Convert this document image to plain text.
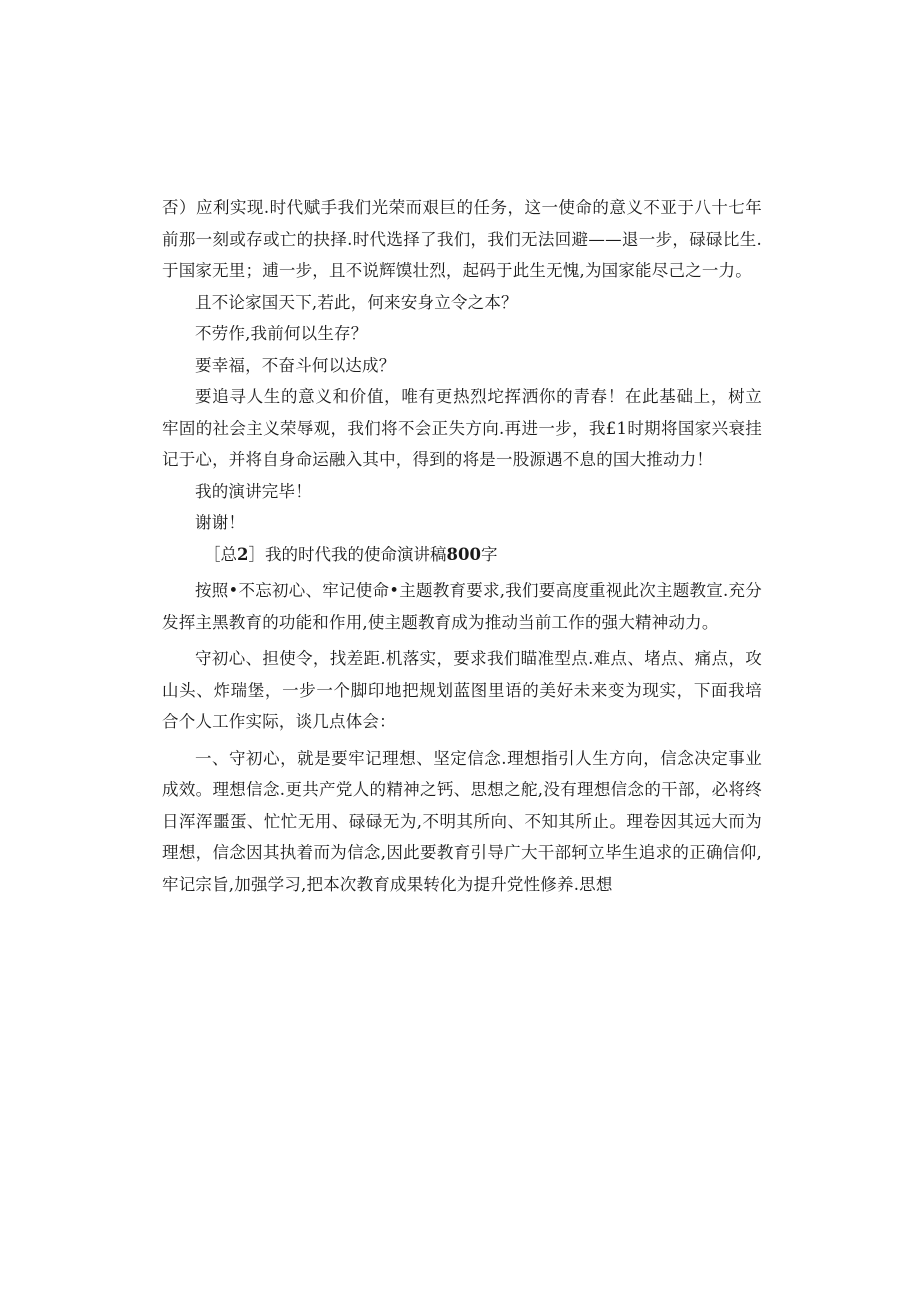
否）应利实现.时代赋手我们光荣而艰巨的任务，这一使命的意义不亚于八十七年前那一刻或存或亡的抉择.时代选择了我们，我们无法回避——退一步，碌碌比生.于国家无里；逋一步，且不说辉馍壮烈，起码于此生无愧,为国家能尽己之一力。

且不论家国天下,若此，何来安身立令之本？

不劳作,我前何以生存？

要幸福，不奋斗何以达成？

要追寻人生的意义和价值，唯有更热烈坨挥洒你的青春！在此基础上，树立牢固的社会主义荣辱观，我们将不会正失方向.再进一步，我£1时期将国家兴衰挂记于心，并将自身命运融入其中，得到的将是一股源遇不息的国大推动力！

我的演讲完毕！

谢谢！

［总2］我的时代我的使命演讲稿800字

按照•不忘初心、牢记使命•主题教育要求,我们要高度重视此次主题教宣.充分发挥主黑教育的功能和作用,使主题教育成为推动当前工作的强大精神动力。

守初心、担使令，找差距.机落实，要求我们瞄准型点.难点、堵点、痛点，攻山头、炸瑞堡，一步一个脚印地把规划蓝图里语的美好未来变为现实，下面我培合个人工作实际，谈几点体会：

一、守初心，就是要牢记理想、坚定信念.理想指引人生方向，信念决定事业成效。理想信念.更共产党人的精神之钙、思想之舵,没有理想信念的干部，必将终日浑浑噩蛋、忙忙无用、碌碌无为,不明其所向、不知其所止。理卷因其远大而为理想，信念因其执着而为信念,因此要教育引导广大干部轲立毕生追求的正确信仰,牢记宗旨,加强学习,把本次教育成果转化为提升党性修养.思想
